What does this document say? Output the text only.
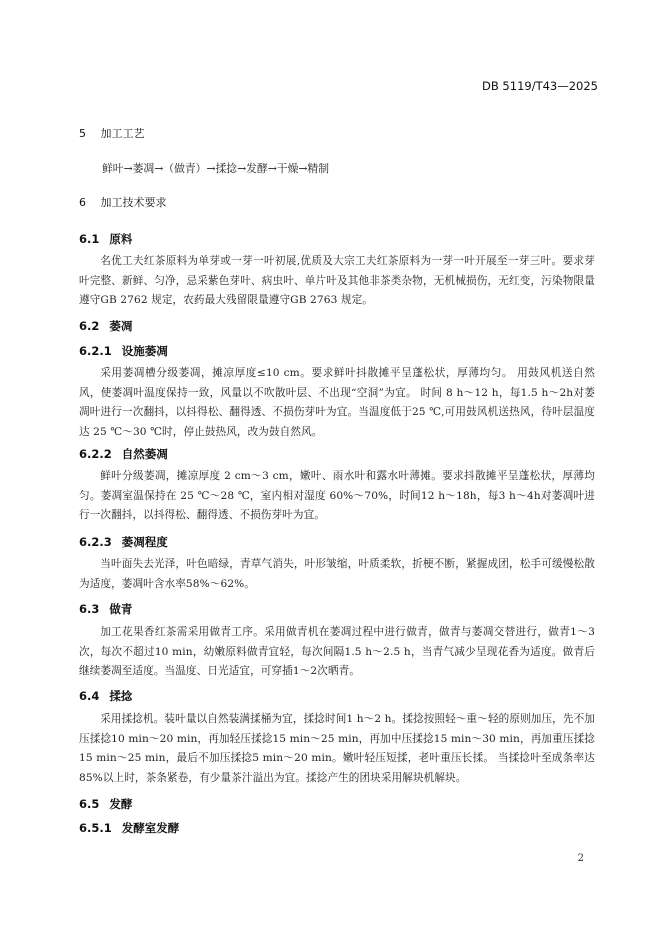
DB 5119/T43—2025
5 加工工艺
鲜叶→萎凋→（做青）→揉捻→发酵→干燥→精制
6 加工技术要求
6.1 原料
名优工夫红茶原料为单芽或一芽一叶初展,优质及大宗工夫红茶原料为一芽一叶开展至一芽三叶。要求芽叶完整、新鲜、匀净，忌采紫色芽叶、病虫叶、单片叶及其他非茶类杂物，无机械损伤，无红变，污染物限量遵守GB 2762 规定，农药最大残留限量遵守GB 2763 规定。
6.2 萎凋
6.2.1 设施萎凋
采用萎凋槽分级萎凋，摊凉厚度≤10 cm。要求鲜叶抖散摊平呈蓬松状，厚薄均匀。 用鼓风机送自然风，使萎凋叶温度保持一致，风量以不吹散叶层、不出现“空洞”为宜。 时间 8 h～12 h，每1.5 h～2h对萎凋叶进行一次翻抖，以抖得松、翻得透、不损伤芽叶为宜。当温度低于25 ℃,可用鼓风机送热风，待叶层温度达 25 ℃～30 ℃时，停止鼓热风，改为鼓自然风。
6.2.2 自然萎凋
鲜叶分级萎凋，摊凉厚度 2 cm～3 cm，嫩叶、雨水叶和露水叶薄摊。要求抖散摊平呈蓬松状，厚薄均匀。萎凋室温保持在 25 ℃～28 ℃，室内相对湿度 60%～70%，时间12 h～18h，每3 h～4h对萎凋叶进行一次翻抖，以抖得松、翻得透、不损伤芽叶为宜。
6.2.3 萎凋程度
当叶面失去光泽，叶色暗绿，青草气消失，叶形皱缩，叶质柔软，折梗不断，紧握成团，松手可缓慢松散为适度，萎凋叶含水率58%～62%。
6.3 做青
加工花果香红茶需采用做青工序。采用做青机在萎凋过程中进行做青，做青与萎凋交替进行，做青1～3次，每次不超过10 min，幼嫩原料做青宜轻，每次间隔1.5 h～2.5 h，当青气减少呈现花香为适度。做青后继续萎凋至适度。当温度、日光适宜，可穿插1～2次晒青。
6.4 揉捻
采用揉捻机。装叶量以自然装满揉桶为宜，揉捻时间1 h～2 h。揉捻按照轻～重～轻的原则加压，先不加压揉捻10 min～20 min，再加轻压揉捻15 min～25 min，再加中压揉捻15 min～30 min，再加重压揉捻15 min～25 min，最后不加压揉捻5 min～20 min。嫩叶轻压短揉，老叶重压长揉。 当揉捻叶至成条率达85%以上时，茶条紧卷，有少量茶汁溢出为宜。揉捻产生的团块采用解块机解块。
6.5 发酵
6.5.1 发酵室发酵
2
